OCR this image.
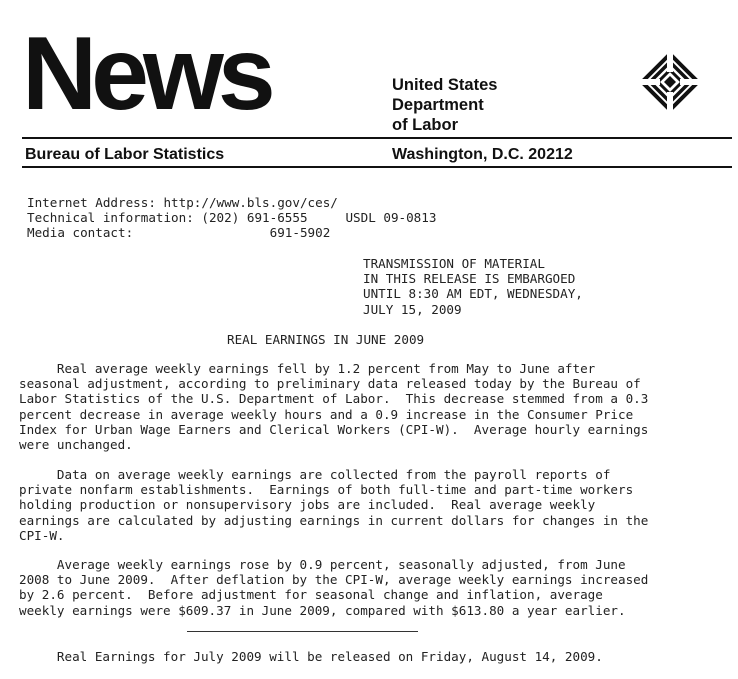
News	United States
Department
of Labor
Bureau of Labor Statistics	Washington, D.C. 20212
Internet Address: http://www.bls.gov/ces/
Technical information: (202) 691-6555     USDL 09-0813
Media contact:                  691-5902
TRANSMISSION OF MATERIAL
IN THIS RELEASE IS EMBARGOED
UNTIL 8:30 AM EDT, WEDNESDAY,
JULY 15, 2009
REAL EARNINGS IN JUNE 2009
Real average weekly earnings fell by 1.2 percent from May to June after
seasonal adjustment, according to preliminary data released today by the Bureau of
Labor Statistics of the U.S. Department of Labor.  This decrease stemmed from a 0.3
percent decrease in average weekly hours and a 0.9 increase in the Consumer Price
Index for Urban Wage Earners and Clerical Workers (CPI-W).  Average hourly earnings
were unchanged.
Data on average weekly earnings are collected from the payroll reports of
private nonfarm establishments.  Earnings of both full-time and part-time workers
holding production or nonsupervisory jobs are included.  Real average weekly
earnings are calculated by adjusting earnings in current dollars for changes in the
CPI-W.
Average weekly earnings rose by 0.9 percent, seasonally adjusted, from June
2008 to June 2009.  After deflation by the CPI-W, average weekly earnings increased
by 2.6 percent.  Before adjustment for seasonal change and inflation, average
weekly earnings were $609.37 in June 2009, compared with $613.80 a year earlier.
Real Earnings for July 2009 will be released on Friday, August 14, 2009.
